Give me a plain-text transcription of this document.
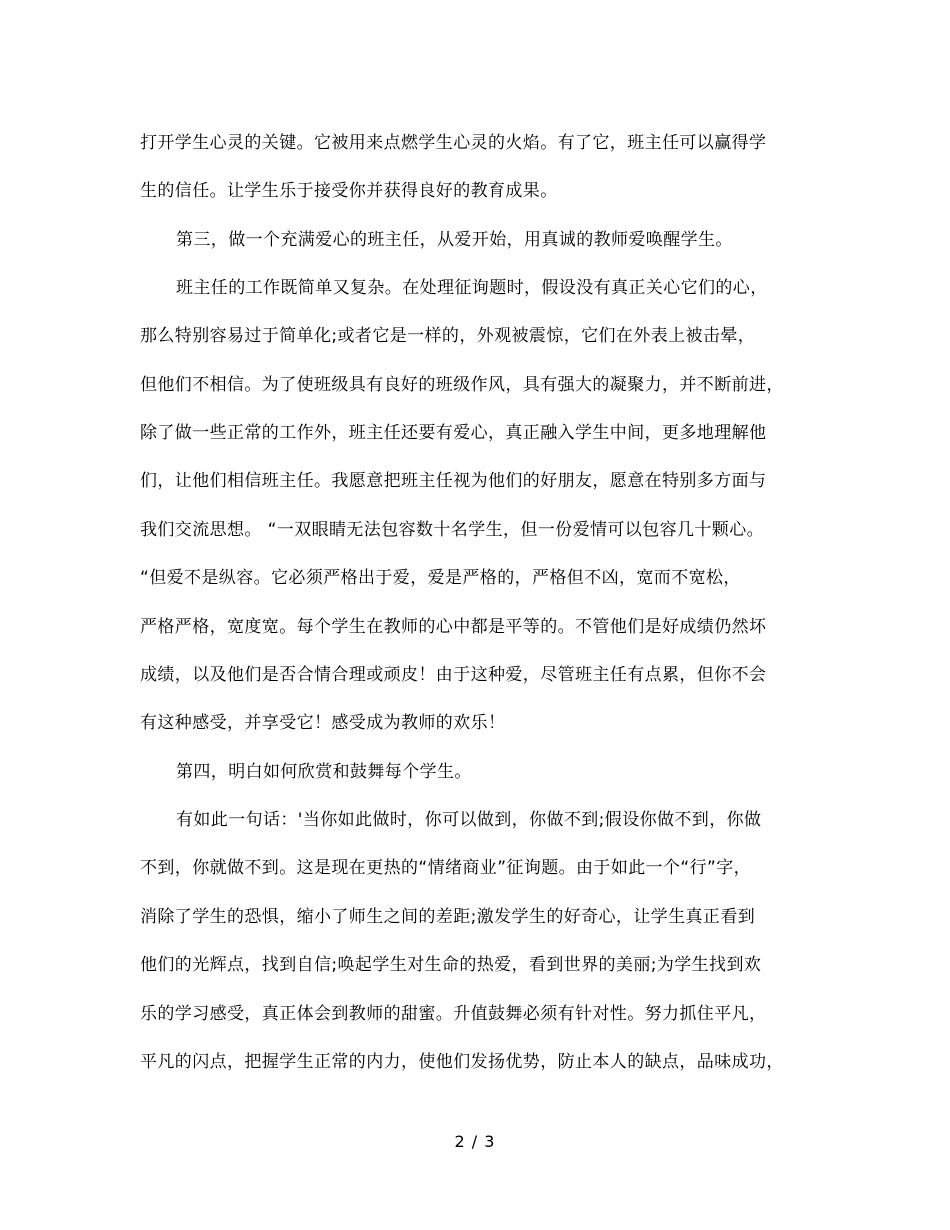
打开学生心灵的关键。它被用来点燃学生心灵的火焰。有了它，班主任可以赢得学
生的信任。让学生乐于接受你并获得良好的教育成果。
第三，做一个充满爱心的班主任，从爱开始，用真诚的教师爱唤醒学生。
班主任的工作既简单又复杂。在处理征询题时，假设没有真正关心它们的心，
那么特别容易过于简单化;或者它是一样的，外观被震惊，它们在外表上被击晕，
但他们不相信。为了使班级具有良好的班级作风，具有强大的凝聚力，并不断前进，
除了做一些正常的工作外，班主任还要有爱心，真正融入学生中间，更多地理解他
们，让他们相信班主任。我愿意把班主任视为他们的好朋友，愿意在特别多方面与
我们交流思想。 “一双眼睛无法包容数十名学生，但一份爱情可以包容几十颗心。
“但爱不是纵容。它必须严格出于爱，爱是严格的，严格但不凶，宽而不宽松，
严格严格，宽度宽。每个学生在教师的心中都是平等的。不管他们是好成绩仍然坏
成绩，以及他们是否合情合理或顽皮！由于这种爱，尽管班主任有点累，但你不会
有这种感受，并享受它！感受成为教师的欢乐！
第四，明白如何欣赏和鼓舞每个学生。
有如此一句话：'当你如此做时，你可以做到，你做不到;假设你做不到，你做
不到，你就做不到。这是现在更热的“情绪商业”征询题。由于如此一个“行”字，
消除了学生的恐惧，缩小了师生之间的差距;激发学生的好奇心，让学生真正看到
他们的光辉点，找到自信;唤起学生对生命的热爱，看到世界的美丽;为学生找到欢
乐的学习感受，真正体会到教师的甜蜜。升值鼓舞必须有针对性。努力抓住平凡，
平凡的闪点，把握学生正常的内力，使他们发扬优势，防止本人的缺点，品味成功，
2 / 3
